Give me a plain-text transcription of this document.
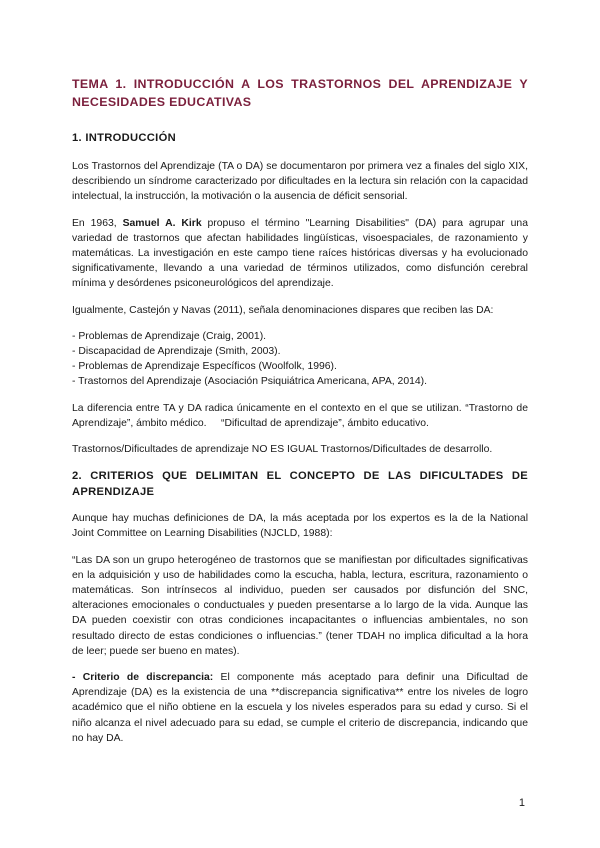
TEMA 1. INTRODUCCIÓN A LOS TRASTORNOS DEL APRENDIZAJE Y NECESIDADES EDUCATIVAS
1. INTRODUCCIÓN

Los Trastornos del Aprendizaje (TA o DA) se documentaron por primera vez a finales del siglo XIX, describiendo un síndrome caracterizado por dificultades en la lectura sin relación con la capacidad intelectual, la instrucción, la motivación o la ausencia de déficit sensorial.

En 1963, Samuel A. Kirk propuso el término "Learning Disabilities" (DA) para agrupar una variedad de trastornos que afectan habilidades lingüísticas, visoespaciales, de razonamiento y matemáticas. La investigación en este campo tiene raíces históricas diversas y ha evolucionado significativamente, llevando a una variedad de términos utilizados, como disfunción cerebral mínima y desórdenes psiconeurológicos del aprendizaje.

Igualmente, Castejón y Navas (2011), señala denominaciones dispares que reciben las DA:

- Problemas de Aprendizaje (Craig, 2001).
- Discapacidad de Aprendizaje (Smith, 2003).
- Problemas de Aprendizaje Específicos (Woolfolk, 1996).
- Trastornos del Aprendizaje (Asociación Psiquiátrica Americana, APA, 2014).

La diferencia entre TA y DA radica únicamente en el contexto en el que se utilizan. “Trastorno de Aprendizaje”, ámbito médico.     “Dificultad de aprendizaje”, ámbito educativo.

Trastornos/Dificultades de aprendizaje NO ES IGUAL Trastornos/Dificultades de desarrollo.

2. CRITERIOS QUE DELIMITAN EL CONCEPTO DE LAS DIFICULTADES DE APRENDIZAJE

Aunque hay muchas definiciones de DA, la más aceptada por los expertos es la de la National Joint Committee on Learning Disabilities (NJCLD, 1988):

“Las DA son un grupo heterogéneo de trastornos que se manifiestan por dificultades significativas en la adquisición y uso de habilidades como la escucha, habla, lectura, escritura, razonamiento o matemáticas. Son intrínsecos al individuo, pueden ser causados por disfunción del SNC, alteraciones emocionales o conductuales y pueden presentarse a lo largo de la vida. Aunque las DA pueden coexistir con otras condiciones incapacitantes o influencias ambientales, no son resultado directo de estas condiciones o influencias.” (tener TDAH no implica dificultad a la hora de leer; puede ser bueno en mates).

- Criterio de discrepancia: El componente más aceptado para definir una Dificultad de Aprendizaje (DA) es la existencia de una **discrepancia significativa** entre los niveles de logro académico que el niño obtiene en la escuela y los niveles esperados para su edad y curso. Si el niño alcanza el nivel adecuado para su edad, se cumple el criterio de discrepancia, indicando que no hay DA.

1
